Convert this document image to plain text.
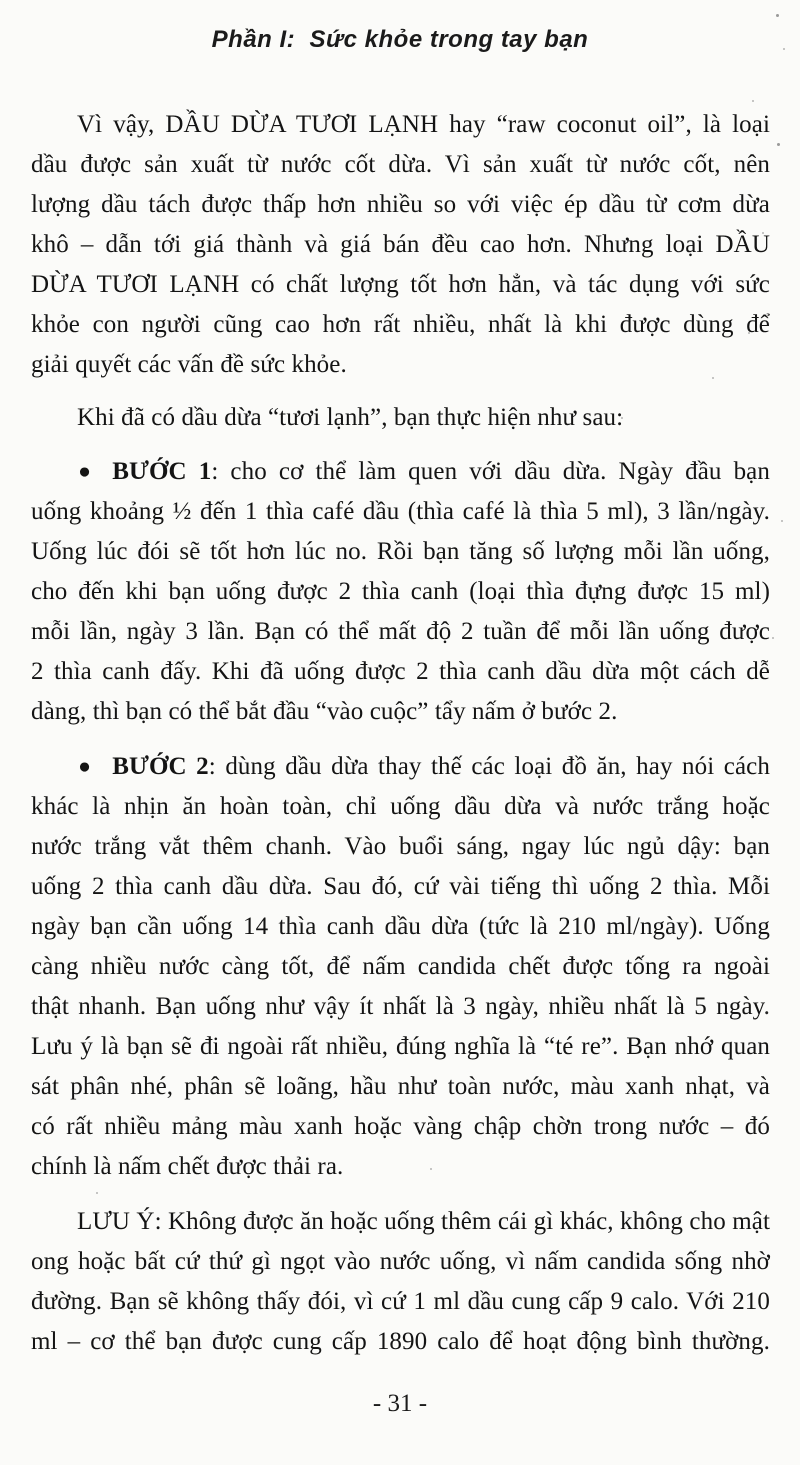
Phần I:  Sức khỏe trong tay bạn
Vì vậy, DẦU DỪA TƯƠI LẠNH hay “raw coconut oil”, là loại
dầu được sản xuất từ nước cốt dừa. Vì sản xuất từ nước cốt, nên
lượng dầu tách được thấp hơn nhiều so với việc ép dầu từ cơm dừa
khô – dẫn tới giá thành và giá bán đều cao hơn. Nhưng loại DẦU
DỪA TƯƠI LẠNH có chất lượng tốt hơn hẳn, và tác dụng với sức
khỏe con người cũng cao hơn rất nhiều, nhất là khi được dùng để
giải quyết các vấn đề sức khỏe.
Khi đã có dầu dừa “tươi lạnh”, bạn thực hiện như sau:
● BƯỚC 1: cho cơ thể làm quen với dầu dừa. Ngày đầu bạn
uống khoảng ½ đến 1 thìa café dầu (thìa café là thìa 5 ml), 3 lần/ngày.
Uống lúc đói sẽ tốt hơn lúc no. Rồi bạn tăng số lượng mỗi lần uống,
cho đến khi bạn uống được 2 thìa canh (loại thìa đựng được 15 ml)
mỗi lần, ngày 3 lần. Bạn có thể mất độ 2 tuần để mỗi lần uống được
2 thìa canh đấy. Khi đã uống được 2 thìa canh dầu dừa một cách dễ
dàng, thì bạn có thể bắt đầu “vào cuộc” tẩy nấm ở bước 2.
● BƯỚC 2: dùng dầu dừa thay thế các loại đồ ăn, hay nói cách
khác là nhịn ăn hoàn toàn, chỉ uống dầu dừa và nước trắng hoặc
nước trắng vắt thêm chanh. Vào buổi sáng, ngay lúc ngủ dậy: bạn
uống 2 thìa canh dầu dừa. Sau đó, cứ vài tiếng thì uống 2 thìa. Mỗi
ngày bạn cần uống 14 thìa canh dầu dừa (tức là 210 ml/ngày). Uống
càng nhiều nước càng tốt, để nấm candida chết được tống ra ngoài
thật nhanh. Bạn uống như vậy ít nhất là 3 ngày, nhiều nhất là 5 ngày.
Lưu ý là bạn sẽ đi ngoài rất nhiều, đúng nghĩa là “té re”. Bạn nhớ quan
sát phân nhé, phân sẽ loãng, hầu như toàn nước, màu xanh nhạt, và
có rất nhiều mảng màu xanh hoặc vàng chập chờn trong nước – đó
chính là nấm chết được thải ra.
LƯU Ý: Không được ăn hoặc uống thêm cái gì khác, không cho mật
ong hoặc bất cứ thứ gì ngọt vào nước uống, vì nấm candida sống nhờ
đường. Bạn sẽ không thấy đói, vì cứ 1 ml dầu cung cấp 9 calo. Với 210
ml – cơ thể bạn được cung cấp 1890 calo để hoạt động bình thường.
- 31 -
